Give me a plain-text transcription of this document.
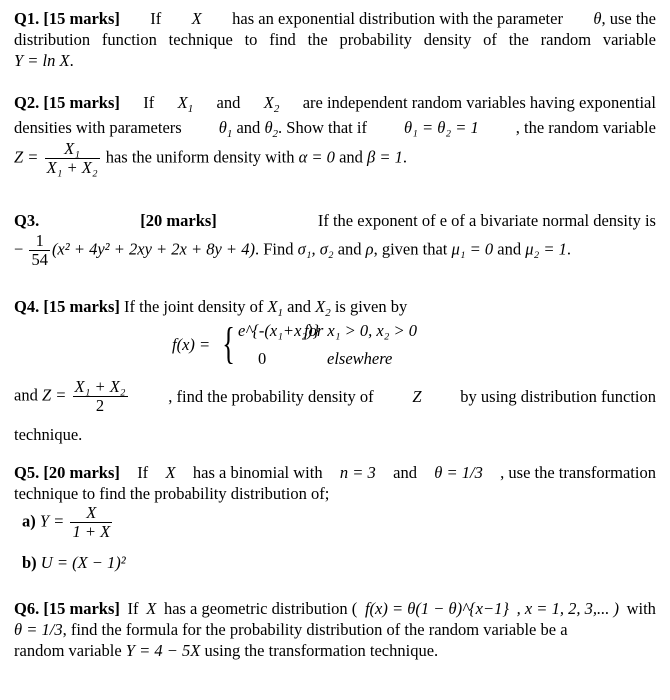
Q1. [15 marks] If X has an exponential distribution with the parameter θ, use the
distribution function technique to find the probability density of the random variable
Y = ln X.
Q2. [15 marks] If $X_1$ and $X_2$ are independent random variables having exponential
densities with parameters $\theta_1$ and $\theta_2$. Show that if θ₁ = θ₂ = 1 , the random variable
$Z = \frac{\text{X₁}}{\text{X₁ + X₂}}$ has the uniform density with α = 0 and β = 1.
Q3.	[20 marks]	If the exponent of e of a bivariate normal density is
− $\frac{1}{54} (x^2 + 4y^2 + 2xy + 2x + 8y + 4)$. Find σ₁, σ₂ and ρ, given that μ₁ = 0 and μ₂ = 1.
Q4. [15 marks] If the joint density of $X_1$ and $X_2$ is given by
f(x) = { e^{-(x₁+x₂)}
for x₁ > 0, x₂ > 0
0	elsewhere
and $Z = \frac{\text{X₁ + X₂}}{2}$ , find the probability density of Z by using distribution function
technique.
Q5. [20 marks] If X has a binomial with n = 3 and θ = 1/3 , use the transformation
technique to find the probability distribution of;
a) $Y = \frac{X}{1 + X}$
b) U = (X − 1)²
Q6. [15 marks] If X has a geometric distribution ( f(x) = θ(1 − θ)^{x−1} , x = 1, 2, 3,... ) with
θ = 1/3, find the formula for the probability distribution of the random variable be a
random variable Y = 4 − 5X using the transformation technique.
